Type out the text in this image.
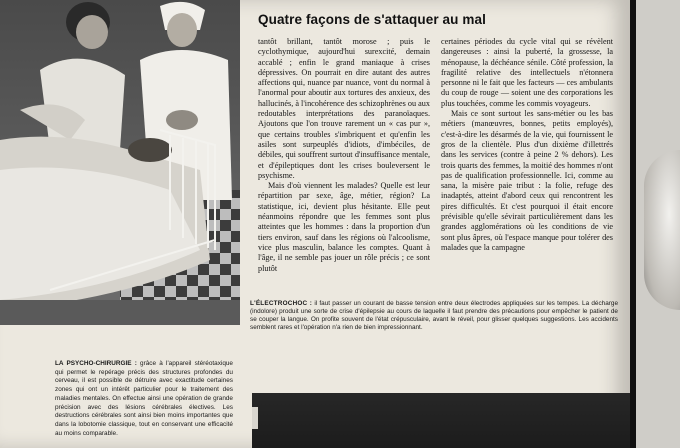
Quatre façons de s'attaquer au mal

tantôt brillant, tantôt morose ; puis le cyclothymique, aujourd'hui surexcité, demain accablé ; enfin le grand maniaque à crises dépressives. On pourrait en dire autant des autres affections qui, nuance par nuance, vont du normal à l'anormal pour aboutir aux tortures des anxieux, des hallucinés, à l'incohérence des schizophrènes ou aux redoutables interprétations des paranoïaques. Ajoutons que l'on trouve rarement un « cas pur », que certains troubles s'imbriquent et qu'enfin les asiles sont surpeuplés d'idiots, d'imbéciles, de débiles, qui souffrent surtout d'insuffisance mentale, et d'épileptiques dont les crises bouleversent le psychisme.

Mais d'où viennent les malades? Quelle est leur répartition par sexe, âge, métier, région? La statistique, ici, devient plus hésitante. Elle peut néanmoins répondre que les femmes sont plus atteintes que les hommes : dans la proportion d'un tiers environ, sauf dans les régions où l'alcoolisme, vice plus masculin, balance les comptes. Quant à l'âge, il ne semble pas jouer un rôle précis ; ce sont plutôt

certaines périodes du cycle vital qui se révèlent dangereuses : ainsi la puberté, la grossesse, la ménopause, la déchéance sénile. Côté profession, la fragilité relative des intellectuels n'étonnera personne ni le fait que les facteurs — ces ambulants du coup de rouge — soient une des corporations les plus touchées, comme les commis voyageurs.

Mais ce sont surtout les sans-métier ou les bas métiers (manœuvres, bonnes, petits employés), c'est-à-dire les désarmés de la vie, qui fournissent le gros de la clientèle. Plus d'un dixième d'illettrés dans les services (contre à peine 2 % dehors). Les trois quarts des femmes, la moitié des hommes n'ont pas de qualification professionnelle. Ici, comme au sana, la misère paie tribut : la folie, refuge des inadaptés, atteint d'abord ceux qui rencontrent les pires difficultés. Et c'est pourquoi il était encore prévisible qu'elle sévirait particulièrement dans les grandes agglomérations où les conditions de vie sont plus âpres, où l'espace manque pour tolérer des malades que la campagne

L'ÉLECTROCHOC : il faut passer un courant de basse tension entre deux électrodes appliquées sur les tempes. La décharge (indolore) produit une sorte de crise d'épilepsie au cours de laquelle il faut prendre des précautions pour empêcher le patient de se couper la langue. On profite souvent de l'état crépusculaire, avant le réveil, pour glisser quelques suggestions. Les accidents semblent rares et l'opération n'a rien de bien impressionnant.

LA PSYCHO-CHIRURGIE : grâce à l'appareil stéréotaxique qui permet le repérage précis des structures profondes du cerveau, il est possible de détruire avec exactitude certaines zones qui ont un intérêt particulier pour le traitement des maladies mentales. On effectue ainsi une opération de grande précision avec des lésions cérébrales électives. Les destructions cérébrales sont ainsi bien moins importantes que dans la lobotomie classique, tout en conservant une efficacité au moins comparable.
